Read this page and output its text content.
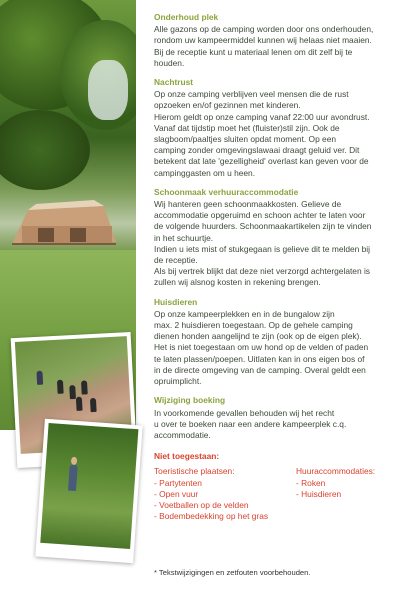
Onderhoud plek

Alle gazons op de camping worden door ons onderhouden,

rondom uw kampeermiddel kunnen wij helaas niet maaien.

Bij de receptie kunt u materiaal lenen om dit zelf bij te

houden.

Nachtrust

Op onze camping verblijven veel mensen die de rust

opzoeken en/of gezinnen met kinderen.

Hierom geldt op onze camping vanaf 22:00 uur avondrust.

Vanaf dat tijdstip moet het (fluister)stil zijn. Ook de

slagboom/paaltjes sluiten opdat moment. Op een

camping zonder omgevingslawaai draagt geluid ver. Dit

betekent dat late 'gezelligheid' overlast kan geven voor de

campinggasten om u heen.

Schoonmaak verhuuraccommodatie

Wij hanteren geen schoonmaakkosten. Gelieve de

accommodatie opgeruimd en schoon achter te laten voor

de volgende huurders. Schoonmaakartikelen zijn te vinden

in het schuurtje.

Indien u iets mist of stukgegaan is gelieve dit te melden bij

de receptie.

Als bij vertrek blijkt dat deze niet verzorgd achtergelaten is

zullen wij alsnog kosten in rekening brengen.

Huisdieren

Op onze kampeerplekken en in de bungalow zijn

max. 2 huisdieren toegestaan. Op de gehele camping

dienen honden aangelijnd te zijn (ook op de eigen plek).

Het is niet toegestaan om uw hond op de velden of paden

te laten plassen/poepen. Uitlaten kan in ons eigen bos of

in de directe omgeving van de camping. Overal geldt een

opruimplicht.

Wijziging boeking

In voorkomende gevallen behouden wij het recht

u over te boeken naar een andere kampeerplek c.q.

accommodatie.

Niet toegestaan:

Toeristische plaatsen:
- Partytenten
- Open vuur
- Voetballen op de velden
- Bodembedekking op het gras
Huuraccommodaties:
- Roken
- Huisdieren
* Tekstwijzigingen en zetfouten voorbehouden.
